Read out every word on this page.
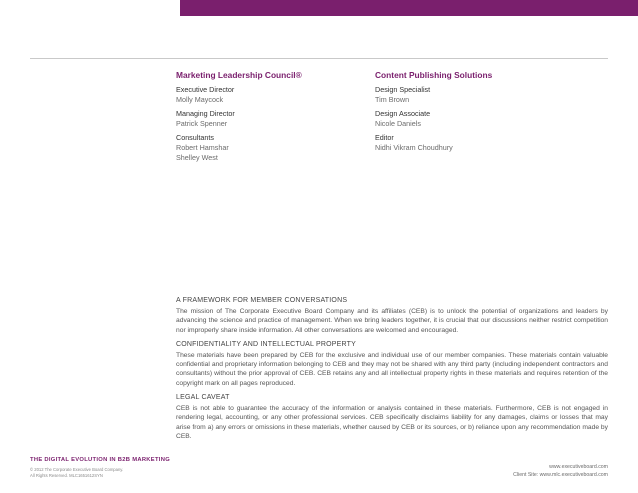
Marketing Leadership Council®
Executive Director
Molly Maycock
Managing Director
Patrick Spenner
Consultants
Robert Hamshar
Shelley West
Content Publishing Solutions
Design Specialist
Tim Brown
Design Associate
Nicole Daniels
Editor
Nidhi Vikram Choudhury
A FRAMEWORK FOR MEMBER CONVERSATIONS

The mission of The Corporate Executive Board Company and its affiliates (CEB) is to unlock the potential of organizations and leaders by advancing the science and practice of management. When we bring leaders together, it is crucial that our discussions neither restrict competition nor improperly share inside information. All other conversations are welcomed and encouraged.

CONFIDENTIALITY AND INTELLECTUAL PROPERTY

These materials have been prepared by CEB for the exclusive and individual use of our member companies. These materials contain valuable confidential and proprietary information belonging to CEB and they may not be shared with any third party (including independent contractors and consultants) without the prior approval of CEB. CEB retains any and all intellectual property rights in these materials and requires retention of the copyright mark on all pages reproduced.

LEGAL CAVEAT

CEB is not able to guarantee the accuracy of the information or analysis contained in these materials. Furthermore, CEB is not engaged in rendering legal, accounting, or any other professional services. CEB specifically disclaims liability for any damages, claims or losses that may arise from a) any errors or omissions in these materials, whether caused by CEB or its sources, or b) reliance upon any recommendation made by CEB.

THE DIGITAL EVOLUTION IN B2B MARKETING
© 2012 The Corporate Executive Board Company.
All Rights Reserved. MLC1651612SYN
www.executiveboard.com
Client Site: www.mlc.executiveboard.com
